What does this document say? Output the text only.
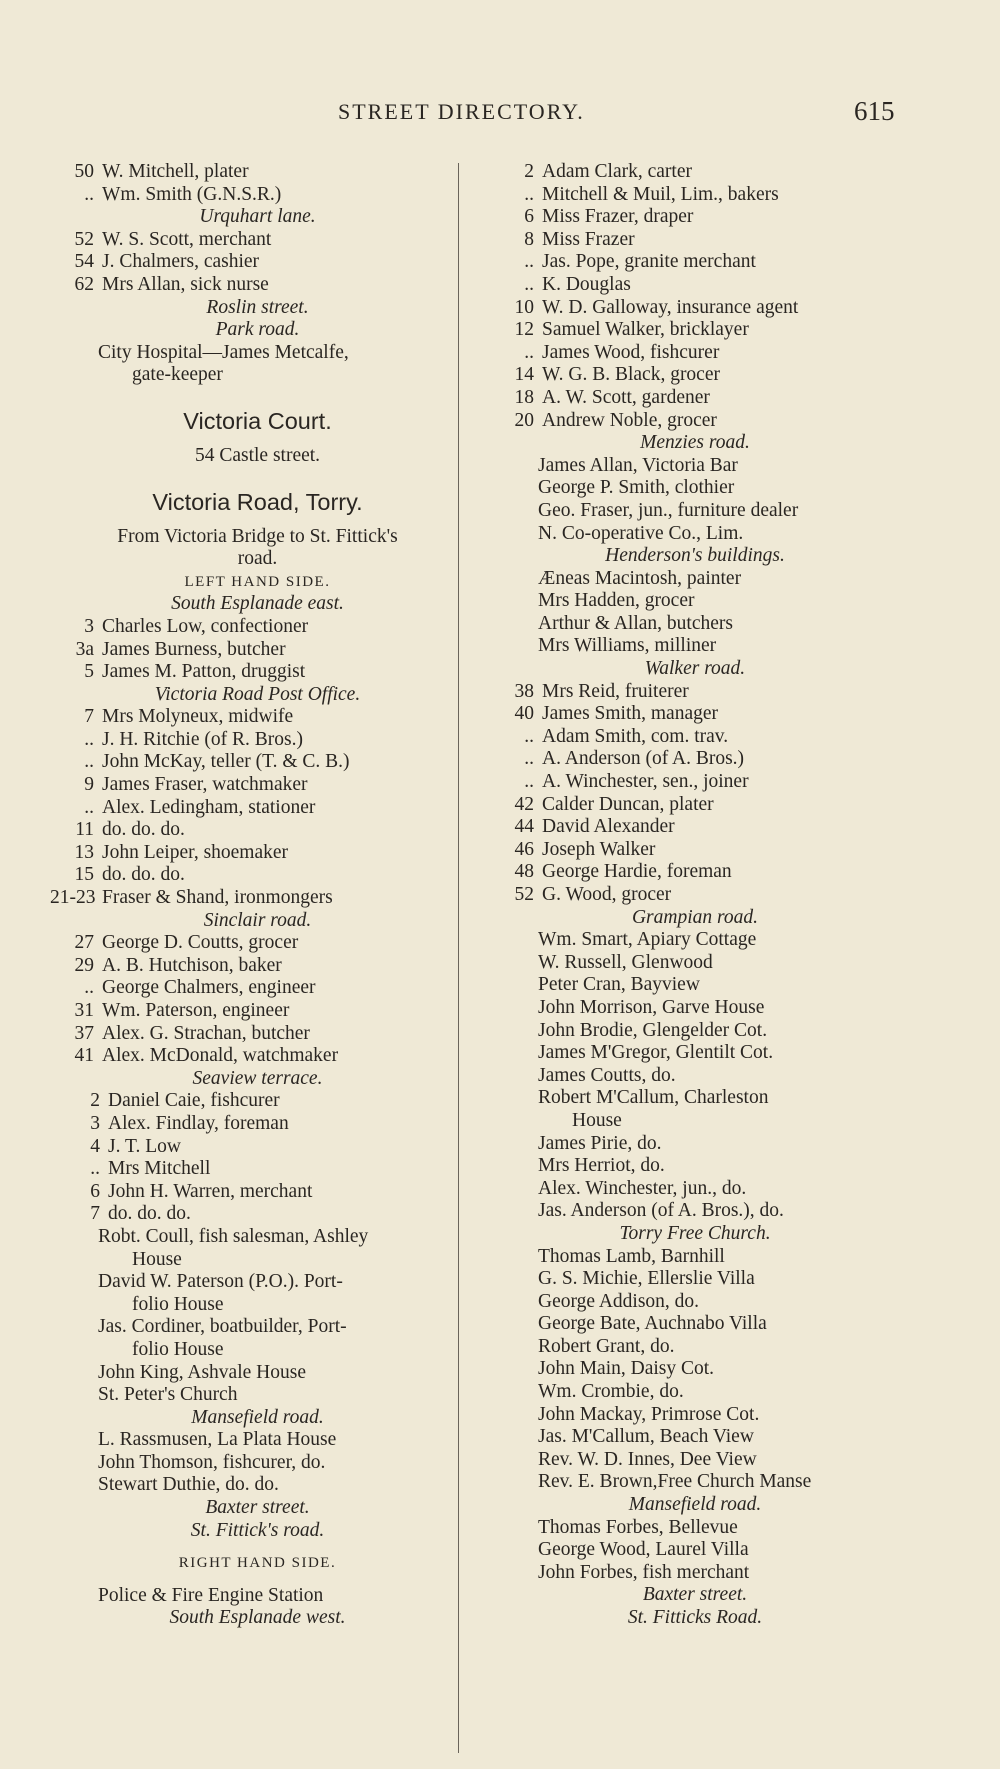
STREET DIRECTORY.	615
50 W. Mitchell, plater
.. Wm. Smith (G.N.S.R.)
Urquhart lane.
52 W. S. Scott, merchant
54 J. Chalmers, cashier
62 Mrs Allan, sick nurse
Roslin street.
Park road.
City Hospital—James Metcalfe,
gate-keeper
Victoria Court.
54 Castle street.
Victoria Road, Torry.
From Victoria Bridge to St. Fittick's
road.
LEFT HAND SIDE.
South Esplanade east.
3 Charles Low, confectioner
3a James Burness, butcher
5 James M. Patton, druggist
Victoria Road Post Office.
7 Mrs Molyneux, midwife
.. J. H. Ritchie (of R. Bros.)
.. John McKay, teller (T. & C. B.)
9 James Fraser, watchmaker
.. Alex. Ledingham, stationer
11 do. do. do.
13 John Leiper, shoemaker
15 do. do. do.
21-23 Fraser & Shand, ironmongers
Sinclair road.
27 George D. Coutts, grocer
29 A. B. Hutchison, baker
.. George Chalmers, engineer
31 Wm. Paterson, engineer
37 Alex. G. Strachan, butcher
41 Alex. McDonald, watchmaker
Seaview terrace.
2 Daniel Caie, fishcurer
3 Alex. Findlay, foreman
4 J. T. Low
.. Mrs Mitchell
6 John H. Warren, merchant
7 do. do. do.
Robt. Coull, fish salesman, Ashley
House
David W. Paterson (P.O.). Port-
folio House
Jas. Cordiner, boatbuilder, Port-
folio House
John King, Ashvale House
St. Peter's Church
Mansefield road.
L. Rassmusen, La Plata House
John Thomson, fishcurer, do.
Stewart Duthie, do. do.
Baxter street.
St. Fittick's road.
RIGHT HAND SIDE.
Police & Fire Engine Station
South Esplanade west.
2 Adam Clark, carter
.. Mitchell & Muil, Lim., bakers
6 Miss Frazer, draper
8 Miss Frazer
.. Jas. Pope, granite merchant
.. K. Douglas
10 W. D. Galloway, insurance agent
12 Samuel Walker, bricklayer
.. James Wood, fishcurer
14 W. G. B. Black, grocer
18 A. W. Scott, gardener
20 Andrew Noble, grocer
Menzies road.
James Allan, Victoria Bar
George P. Smith, clothier
Geo. Fraser, jun., furniture dealer
N. Co-operative Co., Lim.
Henderson's buildings.
Æneas Macintosh, painter
Mrs Hadden, grocer
Arthur & Allan, butchers
Mrs Williams, milliner
Walker road.
38 Mrs Reid, fruiterer
40 James Smith, manager
.. Adam Smith, com. trav.
.. A. Anderson (of A. Bros.)
.. A. Winchester, sen., joiner
42 Calder Duncan, plater
44 David Alexander
46 Joseph Walker
48 George Hardie, foreman
52 G. Wood, grocer
Grampian road.
Wm. Smart, Apiary Cottage
W. Russell, Glenwood
Peter Cran, Bayview
John Morrison, Garve House
John Brodie, Glengelder Cot.
James M'Gregor, Glentilt Cot.
James Coutts, do.
Robert M'Callum, Charleston
House
James Pirie, do.
Mrs Herriot, do.
Alex. Winchester, jun., do.
Jas. Anderson (of A. Bros.), do.
Torry Free Church.
Thomas Lamb, Barnhill
G. S. Michie, Ellerslie Villa
George Addison, do.
George Bate, Auchnabo Villa
Robert Grant, do.
John Main, Daisy Cot.
Wm. Crombie, do.
John Mackay, Primrose Cot.
Jas. M'Callum, Beach View
Rev. W. D. Innes, Dee View
Rev. E. Brown,Free Church Manse
Mansefield road.
Thomas Forbes, Bellevue
George Wood, Laurel Villa
John Forbes, fish merchant
Baxter street.
St. Fitticks Road.
